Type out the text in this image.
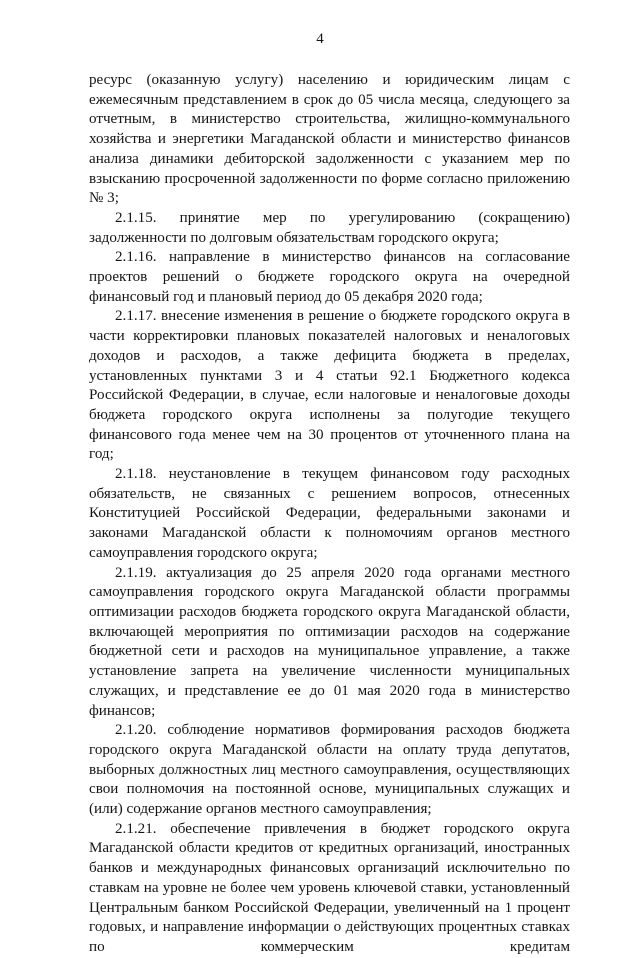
4

ресурс (оказанную услугу) населению и юридическим лицам с ежемесячным представлением в срок до 05 числа месяца, следующего за отчетным, в министерство строительства, жилищно-коммунального хозяйства и энергетики Магаданской области и министерство финансов анализа динамики дебиторской задолженности с указанием мер по взысканию просроченной задолженности по форме согласно приложению № 3;

2.1.15. принятие мер по урегулированию (сокращению) задолженности по долговым обязательствам городского округа;

2.1.16. направление в министерство финансов на согласование проектов решений о бюджете городского округа на очередной финансовый год и плановый период до 05 декабря 2020 года;

2.1.17. внесение изменения в решение о бюджете городского округа в части корректировки плановых показателей налоговых и неналоговых доходов и расходов, а также дефицита бюджета в пределах, установленных пунктами 3 и 4 статьи 92.1 Бюджетного кодекса Российской Федерации, в случае, если налоговые и неналоговые доходы бюджета городского округа исполнены за полугодие текущего финансового года менее чем на 30 процентов от уточненного плана на год;

2.1.18. неустановление в текущем финансовом году расходных обязательств, не связанных с решением вопросов, отнесенных Конституцией Российской Федерации, федеральными законами и законами Магаданской области к полномочиям органов местного самоуправления городского округа;

2.1.19. актуализация до 25 апреля 2020 года органами местного самоуправления городского округа Магаданской области программы оптимизации расходов бюджета городского округа Магаданской области, включающей мероприятия по оптимизации расходов на содержание бюджетной сети и расходов на муниципальное управление, а также установление запрета на увеличение численности муниципальных служащих, и представление ее до 01 мая 2020 года в министерство финансов;

2.1.20. соблюдение нормативов формирования расходов бюджета городского округа Магаданской области на оплату труда депутатов, выборных должностных лиц местного самоуправления, осуществляющих свои полномочия на постоянной основе, муниципальных служащих и (или) содержание органов местного самоуправления;

2.1.21. обеспечение привлечения в бюджет городского округа Магаданской области кредитов от кредитных организаций, иностранных банков и международных финансовых организаций исключительно по ставкам на уровне не более чем уровень ключевой ставки, установленный Центральным банком Российской Федерации, увеличенный на 1 процент годовых, и направление информации о действующих процентных ставках по коммерческим кредитам
